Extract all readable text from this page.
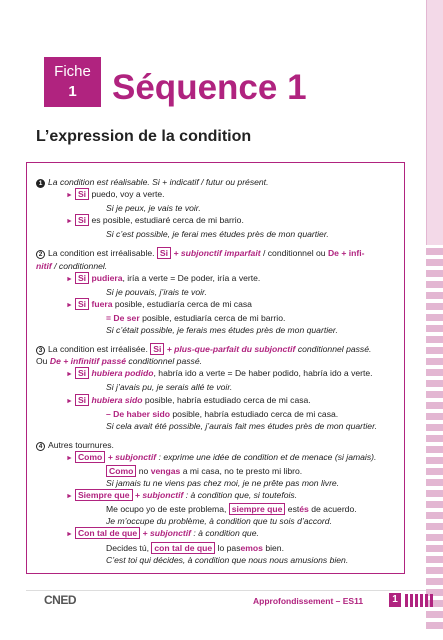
Fiche
1	Séquence 1
L’expression de la condition

1 La condition est réalisable. Si + indicatif / futur ou présent.

► Si puedo, voy a verte.

Si je peux, je vais te voir.

► Si es posible, estudiaré cerca de mi barrio.

Si c’est possible, je ferai mes études près de mon quartier.

2 La condition est irréalisable. Si + subjonctif imparfait / conditionnel ou De + infi-

nitif / conditionnel.

► Si pudiera, iría a verte = De poder, iría a verte.

Si je pouvais, j’irais te voir.

► Si fuera posible, estudiaría cerca de mi casa

= De ser posible, estudiaría cerca de mi barrio.

Si c’était possible, je ferais mes études près de mon quartier.

3 La condition est irréalisée. Si + plus-que-parfait du subjonctif conditionnel passé.

Ou De + infinitif passé conditionnel passé.

► Si hubiera podido, habría ido a verte = De haber podido, habría ido a verte.

Si j’avais pu, je serais allé te voir.

► Si hubiera sido posible, habría estudiado cerca de mi casa.

– De haber sido posible, habría estudiado cerca de mi casa.

Si cela avait été possible, j’aurais fait mes études près de mon quartier.

4 Autres tournures.

► Como + subjonctif : exprime une idée de condition et de menace (si jamais).

Como no vengas a mi casa, no te presto mi libro.

Si jamais tu ne viens pas chez moi, je ne prête pas mon livre.

► Siempre que + subjonctif : à condition que, si toutefois.

Me ocupo yo de este problema, siempre que estés de acuerdo.

Je m’occupe du problème, à condition que tu sois d’accord.

► Con tal de que + subjonctif : à condition que.

Decides tú, con tal de que lo pasemos bien.

C’est toi qui décides, à condition que nous nous amusions bien.

CNED	Approfondissement – ES11	1
